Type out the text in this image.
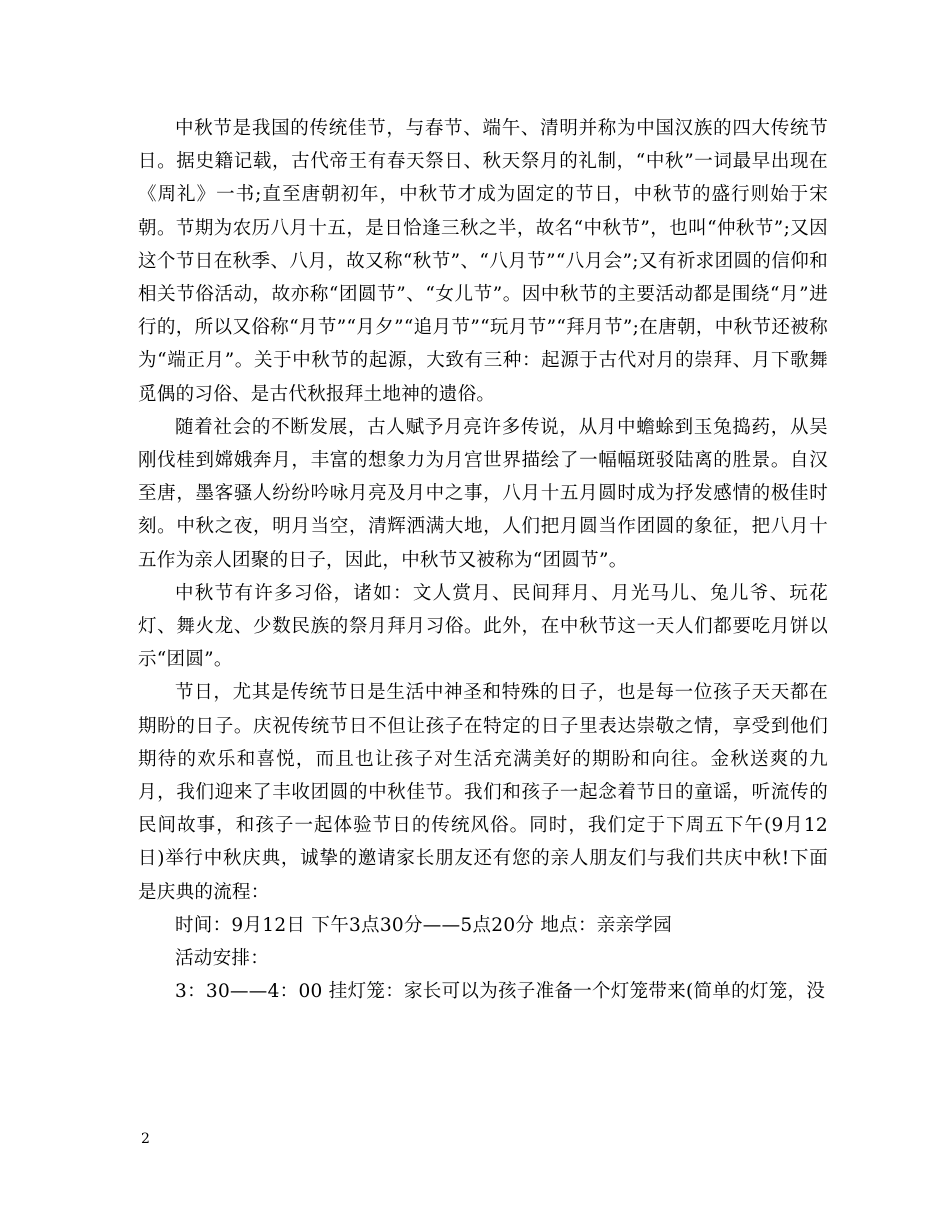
中秋节是我国的传统佳节，与春节、端午、清明并称为中国汉族的四大传统节日。据史籍记载，古代帝王有春天祭日、秋天祭月的礼制，“中秋”一词最早出现在《周礼》一书;直至唐朝初年，中秋节才成为固定的节日，中秋节的盛行则始于宋朝。节期为农历八月十五，是日恰逢三秋之半，故名“中秋节”，也叫“仲秋节”;又因这个节日在秋季、八月，故又称“秋节”、“八月节”“八月会”;又有祈求团圆的信仰和相关节俗活动，故亦称“团圆节”、“女儿节”。因中秋节的主要活动都是围绕“月”进行的，所以又俗称“月节”“月夕”“追月节”“玩月节”“拜月节”;在唐朝，中秋节还被称为“端正月”。关于中秋节的起源，大致有三种：起源于古代对月的崇拜、月下歌舞觅偶的习俗、是古代秋报拜土地神的遗俗。

随着社会的不断发展，古人赋予月亮许多传说，从月中蟾蜍到玉兔捣药，从吴刚伐桂到嫦娥奔月，丰富的想象力为月宫世界描绘了一幅幅斑驳陆离的胜景。自汉至唐，墨客骚人纷纷吟咏月亮及月中之事，八月十五月圆时成为抒发感情的极佳时刻。中秋之夜，明月当空，清辉洒满大地，人们把月圆当作团圆的象征，把八月十五作为亲人团聚的日子，因此，中秋节又被称为“团圆节”。

中秋节有许多习俗，诸如：文人赏月、民间拜月、月光马儿、兔儿爷、玩花灯、舞火龙、少数民族的祭月拜月习俗。此外，在中秋节这一天人们都要吃月饼以示“团圆”。

节日，尤其是传统节日是生活中神圣和特殊的日子，也是每一位孩子天天都在期盼的日子。庆祝传统节日不但让孩子在特定的日子里表达崇敬之情，享受到他们期待的欢乐和喜悦，而且也让孩子对生活充满美好的期盼和向往。金秋送爽的九月，我们迎来了丰收团圆的中秋佳节。我们和孩子一起念着节日的童谣，听流传的民间故事，和孩子一起体验节日的传统风俗。同时，我们定于下周五下午(9月12日)举行中秋庆典，诚挚的邀请家长朋友还有您的亲人朋友们与我们共庆中秋!下面是庆典的流程：

时间：9月12日 下午3点30分——5点20分 地点：亲亲学园

活动安排：

3：30——4：00 挂灯笼：家长可以为孩子准备一个灯笼带来(简单的灯笼，没

2
